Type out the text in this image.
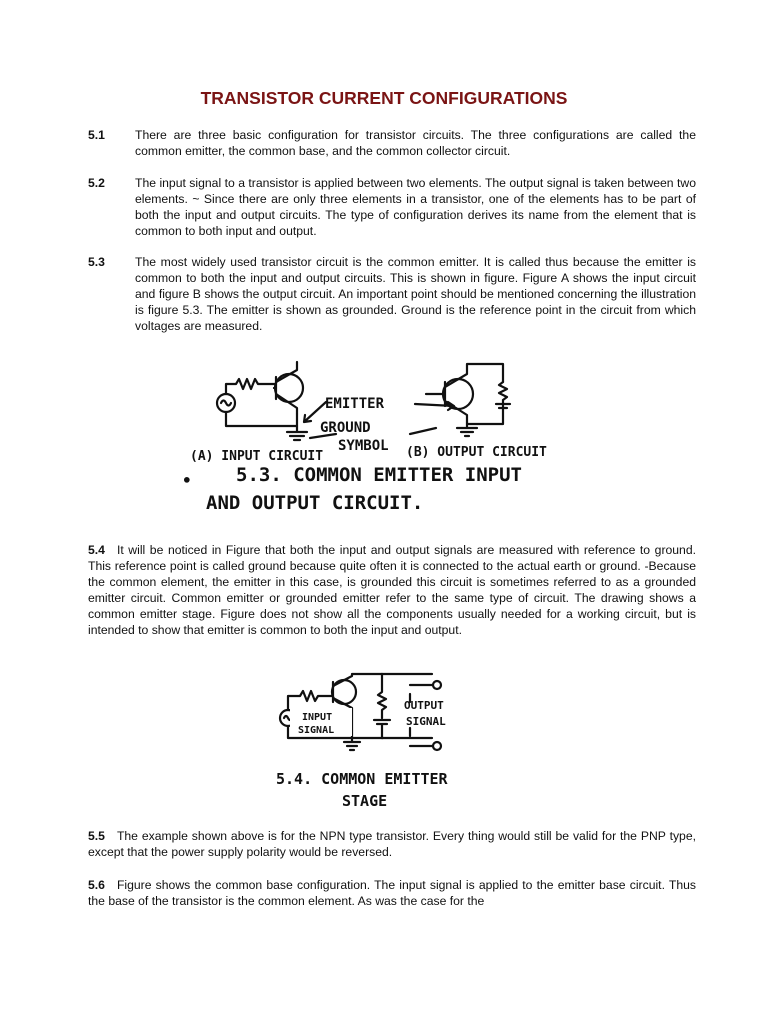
TRANSISTOR CURRENT CONFIGURATIONS
5.1 There are three basic configuration for transistor circuits. The three configurations are called the common emitter, the common base, and the common collector circuit.
5.2 The input signal to a transistor is applied between two elements. The output signal is taken between two elements. ~ Since there are only three elements in a transistor, one of the elements has to be part of both the input and output circuits. The type of configuration derives its name from the element that is common to both input and output.
5.3 The most widely used transistor circuit is the common emitter. It is called thus because the emitter is common to both the input and output circuits. This is shown in figure. Figure A shows the input circuit and figure B shows the output circuit. An important point should be mentioned concerning the illustration is figure 5.3. The emitter is shown as grounded. Ground is the reference point in the circuit from which voltages are measured.
EMITTER
GROUND
SYMBOL
(A) INPUT CIRCUIT	(B) OUTPUT CIRCUIT
5.3. COMMON EMITTER INPUT
AND OUTPUT CIRCUIT.
•
5.4 It will be noticed in Figure that both the input and output signals are measured with reference to ground. This reference point is called ground because quite often it is connected to the actual earth or ground. -Because the common element, the emitter in this case, is grounded this circuit is sometimes referred to as a grounded emitter circuit. Common emitter or grounded emitter refer to the same type of circuit. The drawing shows a common emitter stage. Figure does not show all the components usually needed for a working circuit, but is intended to show that emitter is common to both the input and output.
INPUT
SIGNAL
OUTPUT
SIGNAL
5.4. COMMON EMITTER
STAGE
5.5 The example shown above is for the NPN type transistor. Every thing would still be valid for the PNP type, except that the power supply polarity would be reversed.
5.6 Figure shows the common base configuration. The input signal is applied to the emitter base circuit. Thus the base of the transistor is the common element. As was the case for the
